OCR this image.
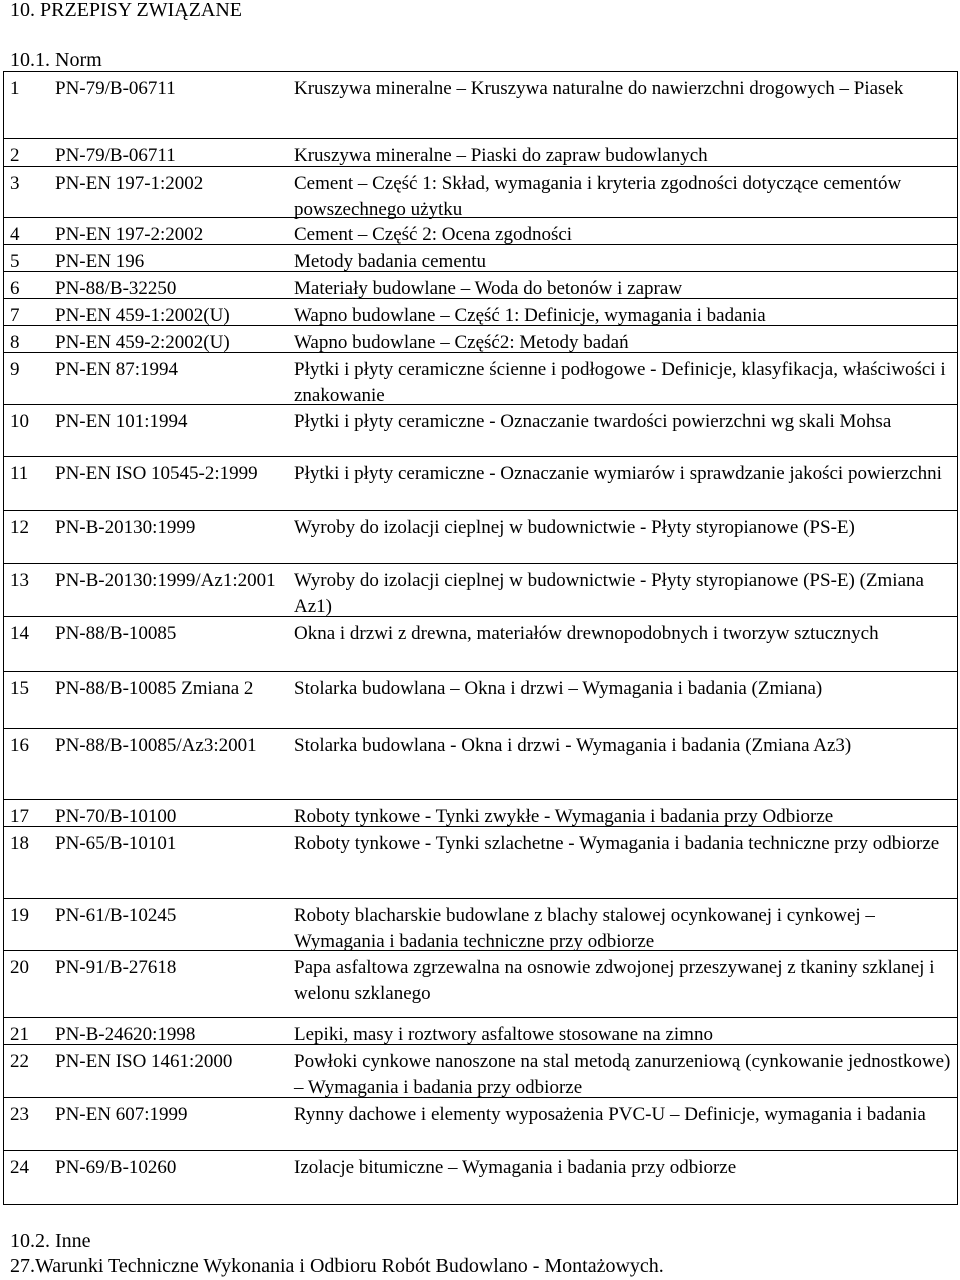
10. PRZEPISY ZWIĄZANE
10.1. Norm
1	PN-79/B-06711	Kruszywa mineralne – Kruszywa naturalne do nawierzchni drogowych – Piasek
2	PN-79/B-06711	Kruszywa mineralne – Piaski do zapraw budowlanych
3	PN-EN 197-1:2002	Cement – Część 1: Skład, wymagania i kryteria zgodności dotyczące cementów powszechnego użytku
4	PN-EN 197-2:2002	Cement – Część 2: Ocena zgodności
5	PN-EN 196	Metody badania cementu
6	PN-88/B-32250	Materiały budowlane – Woda do betonów i zapraw
7	PN-EN 459-1:2002(U)	Wapno budowlane – Część 1: Definicje, wymagania i badania
8	PN-EN 459-2:2002(U)	Wapno budowlane – Część2: Metody badań
9	PN-EN 87:1994	Płytki i płyty ceramiczne ścienne i podłogowe - Definicje, klasyfikacja, właściwości i znakowanie
10	PN-EN 101:1994	Płytki i płyty ceramiczne - Oznaczanie twardości powierzchni wg skali Mohsa
11	PN-EN ISO 10545-2:1999	Płytki i płyty ceramiczne - Oznaczanie wymiarów i sprawdzanie jakości powierzchni
12	PN-B-20130:1999	Wyroby do izolacji cieplnej w budownictwie - Płyty styropianowe (PS-E)
13	PN-B-20130:1999/Az1:2001 Wyroby do izolacji cieplnej w budownictwie - Płyty styropianowe (PS-E) (Zmiana Az1)
14	PN-88/B-10085	Okna i drzwi z drewna, materiałów drewnopodobnych i tworzyw sztucznych
15	PN-88/B-10085 Zmiana 2	Stolarka budowlana – Okna i drzwi – Wymagania i badania (Zmiana)
16	PN-88/B-10085/Az3:2001	Stolarka budowlana - Okna i drzwi - Wymagania i badania (Zmiana Az3)
17	PN-70/B-10100	Roboty tynkowe - Tynki zwykłe - Wymagania i badania przy Odbiorze
18	PN-65/B-10101	Roboty tynkowe - Tynki szlachetne - Wymagania i badania techniczne przy odbiorze
19	PN-61/B-10245	Roboty blacharskie budowlane z blachy stalowej ocynkowanej i cynkowej – Wymagania i badania techniczne przy odbiorze
20	PN-91/B-27618	Papa asfaltowa zgrzewalna na osnowie zdwojonej przeszywanej z tkaniny szklanej i welonu szklanego
21	PN-B-24620:1998	Lepiki, masy i roztwory asfaltowe stosowane na zimno
22	PN-EN ISO 1461:2000	Powłoki cynkowe nanoszone na stal metodą zanurzeniową (cynkowanie jednostkowe) – Wymagania i badania przy odbiorze
23	PN-EN 607:1999	Rynny dachowe i elementy wyposażenia PVC-U – Definicje, wymagania i badania
24	PN-69/B-10260	Izolacje bitumiczne – Wymagania i badania przy odbiorze
10.2. Inne
27.Warunki Techniczne Wykonania i Odbioru Robót Budowlano - Montażowych.
